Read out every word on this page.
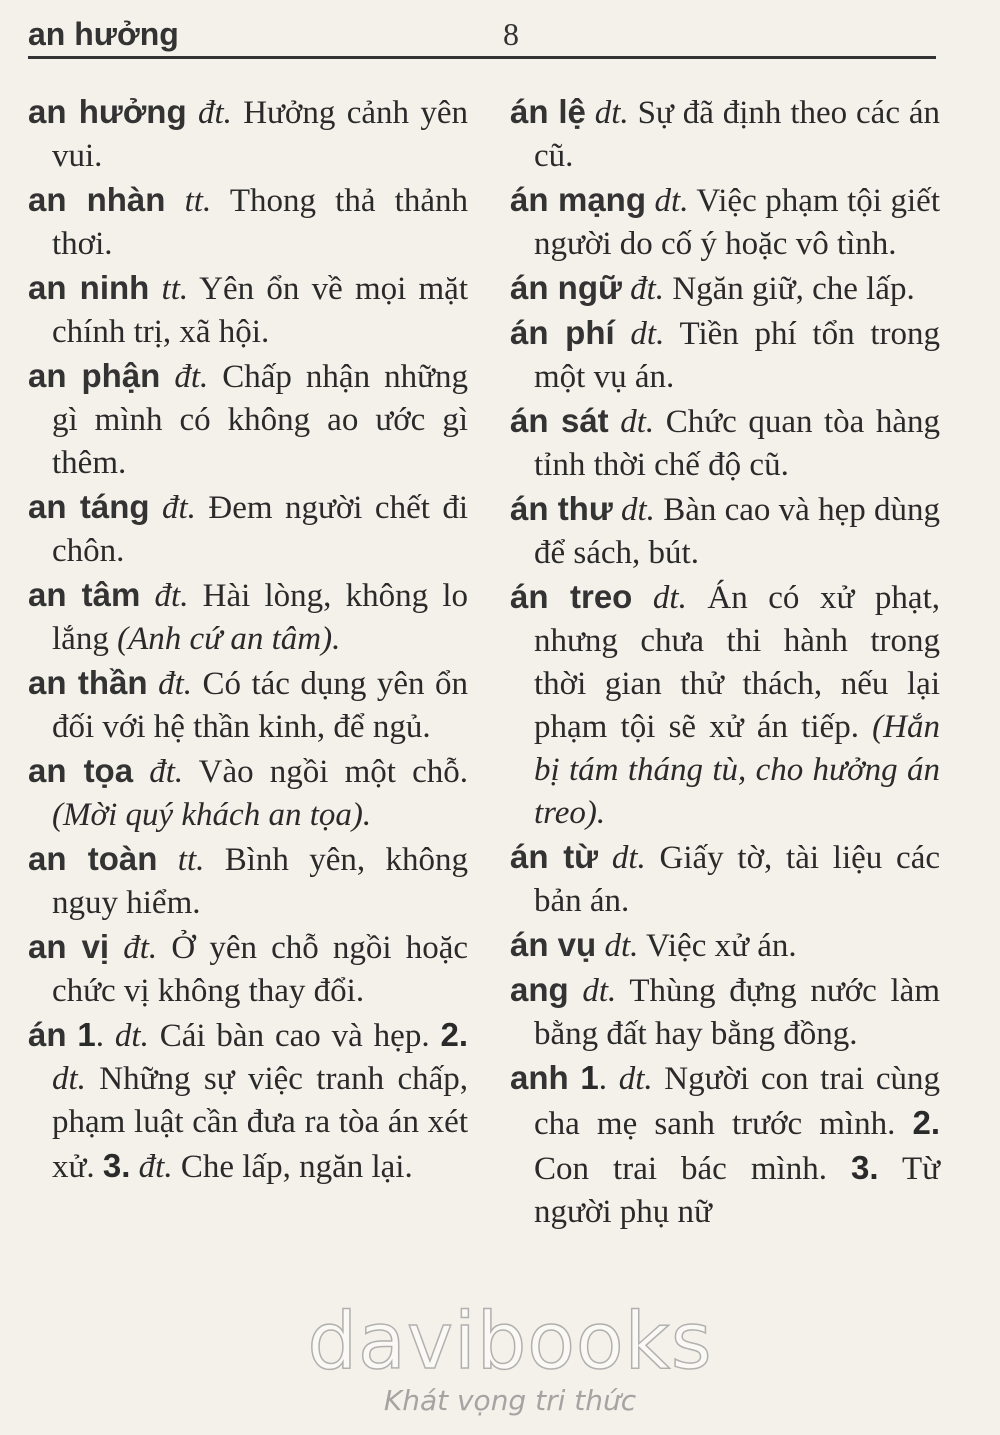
an hưởng	8

an hưởng đt. Hưởng cảnh yên vui.

an nhàn tt. Thong thả thảnh thơi.

an ninh tt. Yên ổn về mọi mặt chính trị, xã hội.

an phận đt. Chấp nhận những gì mình có không ao ước gì thêm.

an táng đt. Đem người chết đi chôn.

an tâm đt. Hài lòng, không lo lắng (Anh cứ an tâm).

an thần đt. Có tác dụng yên ổn đối với hệ thần kinh, để ngủ.

an tọa đt. Vào ngồi một chỗ. (Mời quý khách an tọa).

an toàn tt. Bình yên, không nguy hiểm.

an vị đt. Ở yên chỗ ngồi hoặc chức vị không thay đổi.

án 1. dt. Cái bàn cao và hẹp. 2. dt. Những sự việc tranh chấp, phạm luật cần đưa ra tòa án xét xử. 3. đt. Che lấp, ngăn lại.

án lệ dt. Sự đã định theo các án cũ.

án mạng dt. Việc phạm tội giết người do cố ý hoặc vô tình.

án ngữ đt. Ngăn giữ, che lấp.

án phí dt. Tiền phí tổn trong một vụ án.

án sát dt. Chức quan tòa hàng tỉnh thời chế độ cũ.

án thư dt. Bàn cao và hẹp dùng để sách, bút.

án treo dt. Án có xử phạt, nhưng chưa thi hành trong thời gian thử thách, nếu lại phạm tội sẽ xử án tiếp. (Hắn bị tám tháng tù, cho hưởng án treo).

án từ dt. Giấy tờ, tài liệu các bản án.

án vụ dt. Việc xử án.

ang dt. Thùng đựng nước làm bằng đất hay bằng đồng.

anh 1. dt. Người con trai cùng cha mẹ sanh trước mình. 2. Con trai bác mình. 3. Từ người phụ nữ

davibooks
Khát vọng tri thức
